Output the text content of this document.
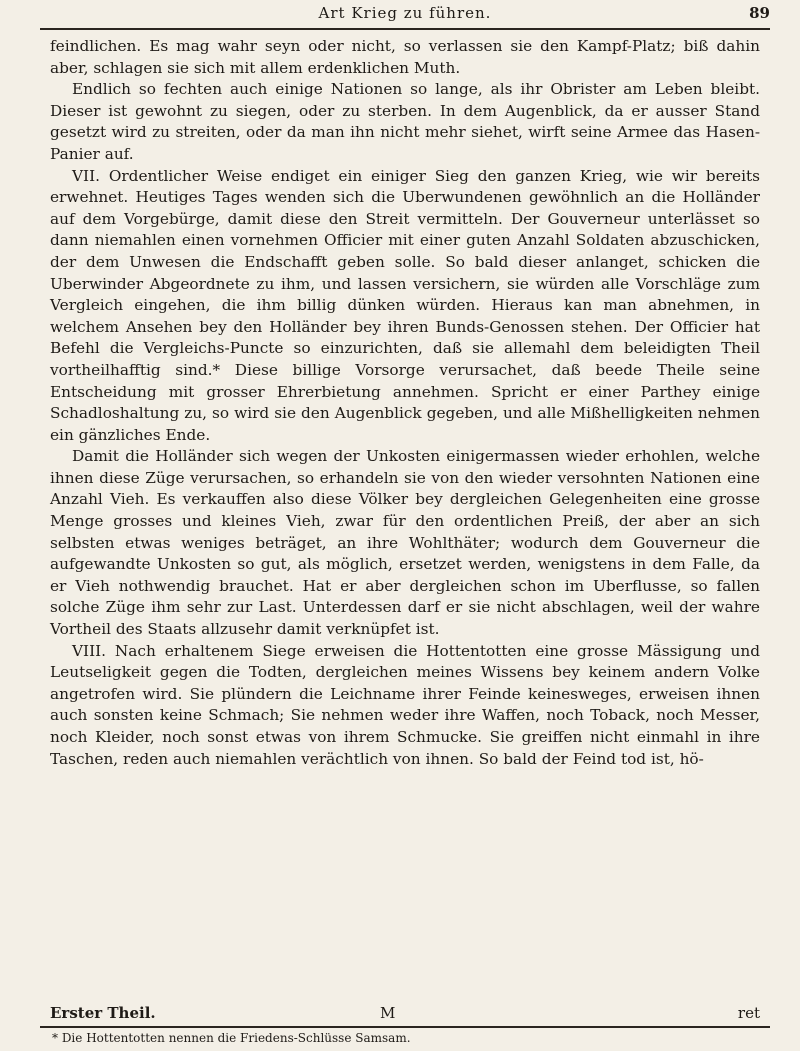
Art Krieg zu führen.	89

feindlichen. Es mag wahr seyn oder nicht, so verlassen sie den Kampf-Platz; biß dahin aber, schlagen sie sich mit allem erdenklichen Muth.

Endlich so fechten auch einige Nationen so lange, als ihr Obrister am Leben bleibt. Dieser ist gewohnt zu siegen, oder zu sterben. In dem Augenblick, da er ausser Stand gesetzt wird zu streiten, oder da man ihn nicht mehr siehet, wirft seine Armee das Hasen-Panier auf.

VII. Ordentlicher Weise endiget ein einiger Sieg den ganzen Krieg, wie wir bereits erwehnet. Heutiges Tages wenden sich die Uberwundenen gewöhnlich an die Holländer auf dem Vorgebürge, damit diese den Streit vermitteln. Der Gouverneur unterlässet so dann niemahlen einen vornehmen Officier mit einer guten Anzahl Soldaten abzuschicken, der dem Unwesen die Endschafft geben solle. So bald dieser anlanget, schicken die Uberwinder Abgeordnete zu ihm, und lassen versichern, sie würden alle Vorschläge zum Vergleich eingehen, die ihm billig dünken würden. Hieraus kan man abnehmen, in welchem Ansehen bey den Holländer bey ihren Bunds-Genossen stehen. Der Officier hat Befehl die Vergleichs-Puncte so einzurichten, daß sie allemahl dem beleidigten Theil vortheilhafftig sind.* Diese billige Vorsorge verursachet, daß beede Theile seine Entscheidung mit grosser Ehrerbietung annehmen. Spricht er einer Parthey einige Schadloshaltung zu, so wird sie den Augenblick gegeben, und alle Mißhelligkeiten nehmen ein gänzliches Ende.

Damit die Holländer sich wegen der Unkosten einigermassen wieder erhohlen, welche ihnen diese Züge verursachen, so erhandeln sie von den wieder versohnten Nationen eine Anzahl Vieh. Es verkauffen also diese Völker bey dergleichen Gelegenheiten eine grosse Menge grosses und kleines Vieh, zwar für den ordentlichen Preiß, der aber an sich selbsten etwas weniges beträget, an ihre Wohlthäter; wodurch dem Gouverneur die aufgewandte Unkosten so gut, als möglich, ersetzet werden, wenigstens in dem Falle, da er Vieh nothwendig brauchet. Hat er aber dergleichen schon im Uberflusse, so fallen solche Züge ihm sehr zur Last. Unterdessen darf er sie nicht abschlagen, weil der wahre Vortheil des Staats allzusehr damit verknüpfet ist.

VIII. Nach erhaltenem Siege erweisen die Hottentotten eine grosse Mässigung und Leutseligkeit gegen die Todten, dergleichen meines Wissens bey keinem andern Volke angetrofen wird. Sie plündern die Leichname ihrer Feinde keinesweges, erweisen ihnen auch sonsten keine Schmach; Sie nehmen weder ihre Waffen, noch Toback, noch Messer, noch Kleider, noch sonst etwas von ihrem Schmucke. Sie greiffen nicht einmahl in ihre Taschen, reden auch niemahlen verächtlich von ihnen. So bald der Feind tod ist, hö-

Erster Theil.	M	ret
* Die Hottentotten nennen die Friedens-Schlüsse Samsam.
